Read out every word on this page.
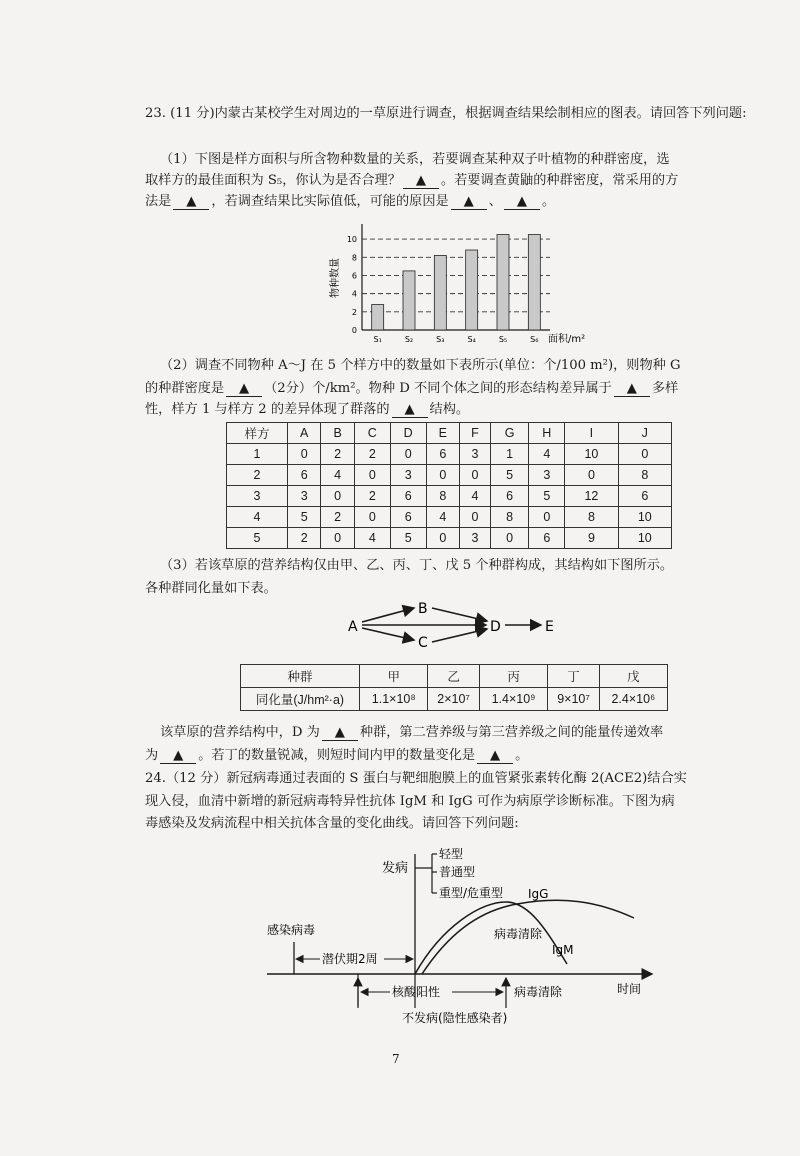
23. (11 分)内蒙古某校学生对周边的一草原进行调查，根据调查结果绘制相应的图表。请回答下列问题:
（1）下图是样方面积与所含物种数量的关系，若要调查某种双子叶植物的种群密度，选
取样方的最佳面积为 S₅，你认为是否合理？ ▲ 。若要调查黄鼬的种群密度，常采用的方
法是 ▲ ，若调查结果比实际值低，可能的原因是 ▲ 、 ▲ 。
物种数量
面积/m²
0
2
4
6
8
10
S₁	S₂	S₃	S₄	S₅	S₆
（2）调查不同物种 A～J 在 5 个样方中的数量如下表所示(单位：个/100 m²)，则物种 G
的种群密度是 ▲ （2分）个/km²。物种 D 不同个体之间的形态结构差异属于 ▲ 多样
性，样方 1 与样方 2 的差异体现了群落的 ▲ 结构。
样方	A	B	C	D	E	F	G	H	I	J
1	0	2	2	0	6	3	1	4	10	0
2	6	4	0	3	0	0	5	3	0	8
3	3	0	2	6	8	4	6	5	12	6
4	5	2	0	6	4	0	8	0	8	10
5	2	0	4	5	0	3	0	6	9	10
（3）若该草原的营养结构仅由甲、乙、丙、丁、戊 5 个种群构成，其结构如下图所示。
各种群同化量如下表。
A
B
C
D	E
种群	甲	乙	丙	丁	戊
同化量(J/hm²·a)	1.1×10⁸	2×10⁷	1.4×10⁹	9×10⁷	2.4×10⁶
该草原的营养结构中，D 为 ▲ 种群，第二营养级与第三营养级之间的能量传递效率
为 ▲ 。若丁的数量锐减，则短时间内甲的数量变化是 ▲ 。
24.（12 分）新冠病毒通过表面的 S 蛋白与靶细胞膜上的血管紧张素转化酶 2(ACE2)结合实
现入侵，血清中新增的新冠病毒特异性抗体 IgM 和 IgG 可作为病原学诊断标准。下图为病
毒感染及发病流程中相关抗体含量的变化曲线。请回答下列问题:
时间
发病
轻型
普通型
重型/危重型
感染病毒
潜伏期2周
IgG
IgM
病毒清除
核酸阳性	病毒清除
不发病(隐性感染者)
7
